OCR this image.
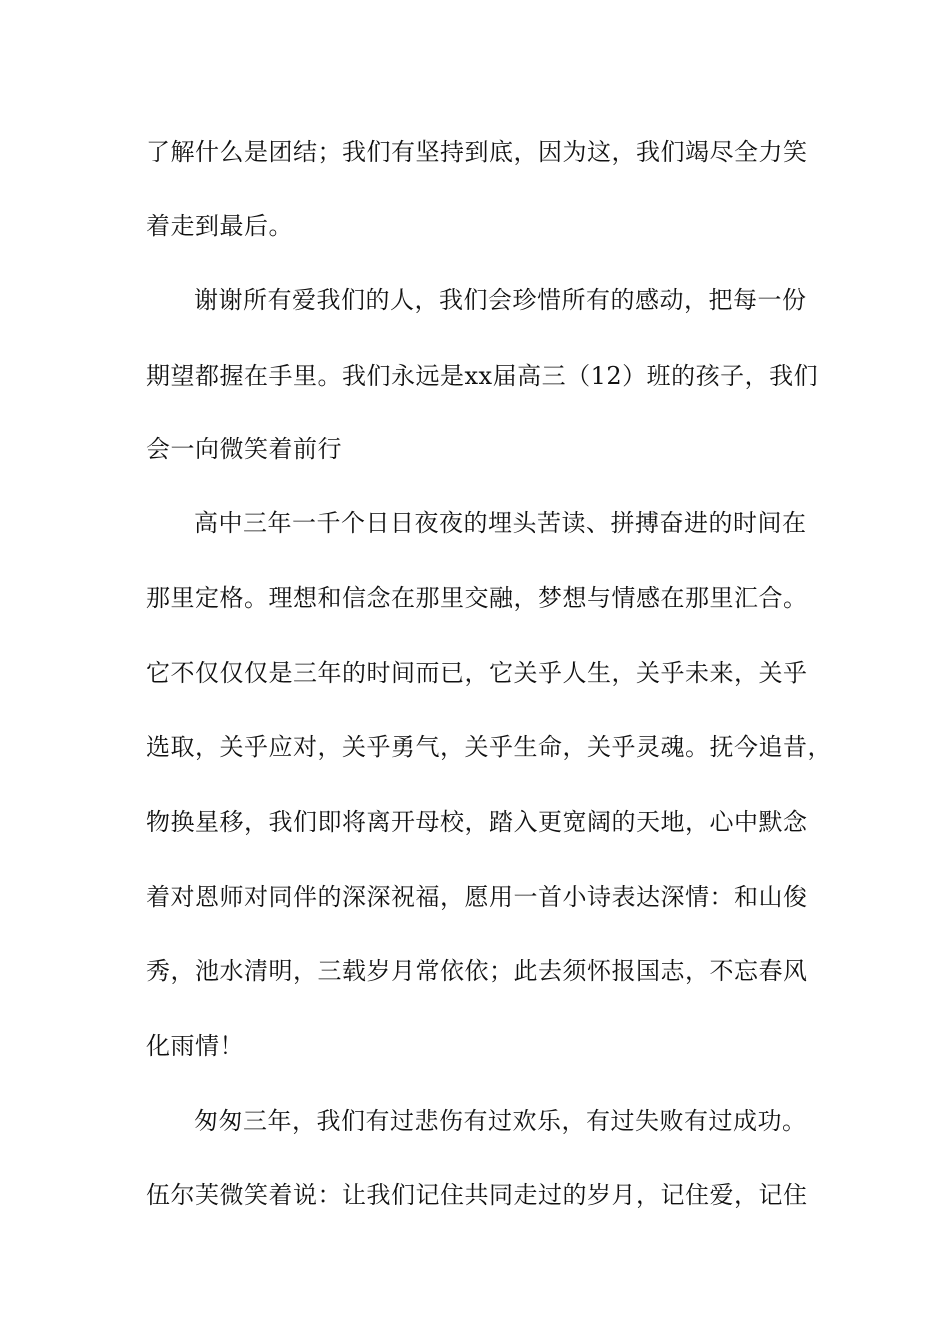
了解什么是团结；我们有坚持到底，因为这，我们竭尽全力笑
着走到最后。
谢谢所有爱我们的人，我们会珍惜所有的感动，把每一份
期望都握在手里。我们永远是xx届高三（12）班的孩子，我们
会一向微笑着前行
高中三年一千个日日夜夜的埋头苦读、拼搏奋进的时间在
那里定格。理想和信念在那里交融，梦想与情感在那里汇合。
它不仅仅仅是三年的时间而已，它关乎人生，关乎未来，关乎
选取，关乎应对，关乎勇气，关乎生命，关乎灵魂。抚今追昔，
物换星移，我们即将离开母校，踏入更宽阔的天地，心中默念
着对恩师对同伴的深深祝福，愿用一首小诗表达深情：和山俊
秀，池水清明，三载岁月常依依；此去须怀报国志，不忘春风
化雨情！
匆匆三年，我们有过悲伤有过欢乐，有过失败有过成功。
伍尔芙微笑着说：让我们记住共同走过的岁月，记住爱，记住
